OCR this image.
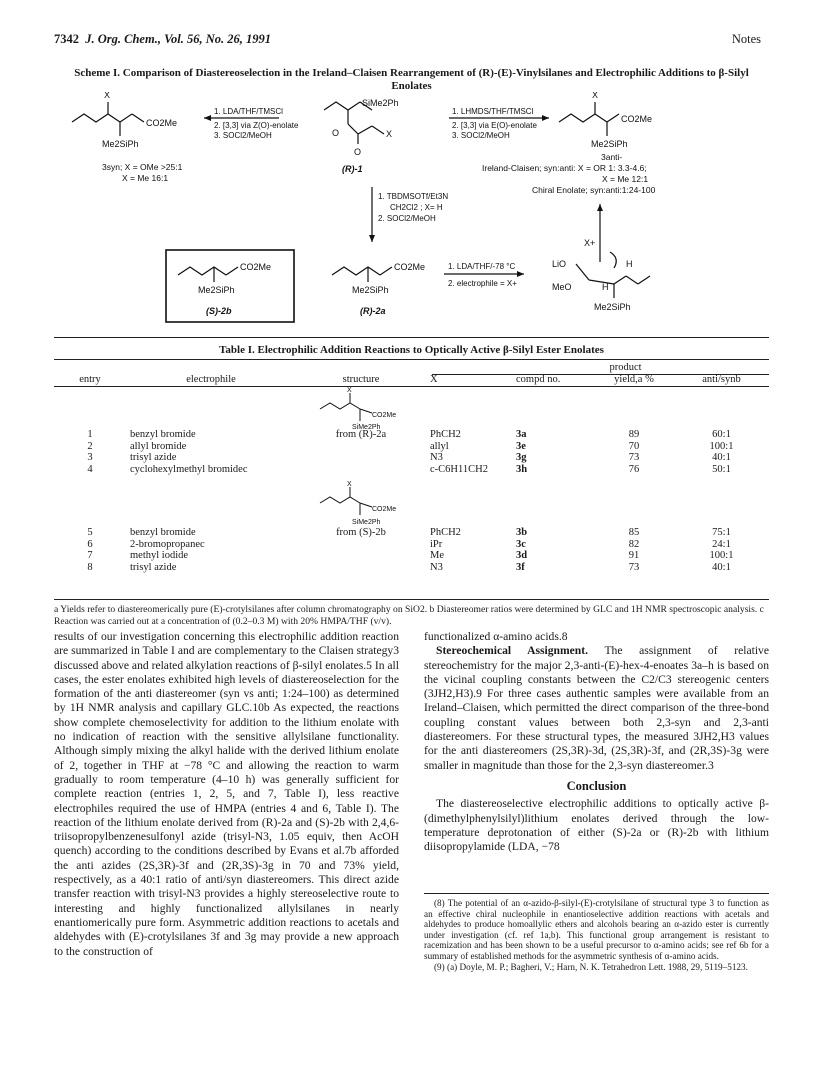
7342 J. Org. Chem., Vol. 56, No. 26, 1991	Notes
Scheme I. Comparison of Diastereoselection in the Ireland–Claisen Rearrangement of (R)-(E)-Vinylsilanes and Electrophilic Additions to β-Silyl Enolates
X
CO2Me
Me2SiPh
3syn; X = OMe >25:1
X = Me 16:1
1. LDA/THF/TMSCl
2. [3,3] via Z(O)-enolate
3. SOCl2/MeOH
SiMe2Ph
O
O
X
(R)-1
1. LHMDS/THF/TMSCl
2. [3,3] via E(O)-enolate
3. SOCl2/MeOH
X
CO2Me
Me2SiPh
3anti-
Ireland-Claisen; syn:anti: X = OR 1: 3.3-4.6;
X = Me 12:1
Chiral Enolate; syn:anti:1:24-100
1. TBDMSOTf/Et3N
CH2Cl2 ; X= H
2. SOCl2/MeOH
CO2Me
Me2SiPh
(S)-2b
CO2Me
Me2SiPh
(R)-2a
1. LDA/THF/-78 °C
2. electrophile = X+
X+
LiO
MeO
H
H
Me2SiPh
Table I. Electrophilic Addition Reactions to Optically Active β-Silyl Ester Enolates
			product			
entry	electrophile	structure	X	compd no.	yield,a %	anti/synb

X
CO2Me
SiMe2Ph						

1	benzyl bromide	from (R)-2a	PhCH2	3a	89	60:1
2	allyl bromide		allyl	3e	70	100:1
3	trisyl azide		N3	3g	73	40:1
4	cyclohexylmethyl bromidec		c-C6H11CH2	3h	76	50:1

X
CO2Me
SiMe2Ph						

5	benzyl bromide	from (S)-2b	PhCH2	3b	85	75:1
6	2-bromopropanec		iPr	3c	82	24:1
7	methyl iodide		Me	3d	91	100:1
8	trisyl azide		N3	3f	73	40:1
a Yields refer to diastereomerically pure (E)-crotylsilanes after column chromatography on SiO2. b Diastereomer ratios were determined by GLC and 1H NMR spectroscopic analysis. c Reaction was carried out at a concentration of (0.2–0.3 M) with 20% HMPA/THF (v/v).

results of our investigation concerning this electrophilic addition reaction are summarized in Table I and are complementary to the Claisen strategy3 discussed above and related alkylation reactions of β-silyl enolates.5 In all cases, the ester enolates exhibited high levels of diastereoselection for the formation of the anti diastereomer (syn vs anti; 1:24–100) as determined by 1H NMR analysis and capillary GLC.10b As expected, the reactions show complete chemoselectivity for addition to the lithium enolate with no indication of reaction with the sensitive allylsilane functionality. Although simply mixing the alkyl halide with the derived lithium enolate of 2, together in THF at −78 °C and allowing the reaction to warm gradually to room temperature (4–10 h) was generally sufficient for complete reaction (entries 1, 2, 5, and 7, Table I), less reactive electrophiles required the use of HMPA (entries 4 and 6, Table I). The reaction of the lithium enolate derived from (R)-2a and (S)-2b with 2,4,6-triisopropylbenzenesulfonyl azide (trisyl-N3, 1.05 equiv, then AcOH quench) according to the conditions described by Evans et al.7b afforded the anti azides (2S,3R)-3f and (2R,3S)-3g in 70 and 73% yield, respectively, as a 40:1 ratio of anti/syn diastereomers. This direct azide transfer reaction with trisyl-N3 provides a highly stereoselective route to interesting and highly functionalized allylsilanes in nearly enantiomerically pure form. Asymmetric addition reactions to acetals and aldehydes with (E)-crotylsilanes 3f and 3g may provide a new approach to the construction of

functionalized α-amino acids.8

Stereochemical Assignment. The assignment of relative stereochemistry for the major 2,3-anti-(E)-hex-4-enoates 3a–h is based on the vicinal coupling constants between the C2/C3 stereogenic centers (3JH2,H3).9 For three cases authentic samples were available from an Ireland–Claisen, which permitted the direct comparison of the three-bond coupling constant values between both 2,3-syn and 2,3-anti diastereomers. For these structural types, the measured 3JH2,H3 values for the anti diastereomers (2S,3R)-3d, (2S,3R)-3f, and (2R,3S)-3g were smaller in magnitude than those for the 2,3-syn diastereomer.3

Conclusion

The diastereoselective electrophilic additions to optically active β-(dimethylphenylsilyl)lithium enolates derived through the low-temperature deprotonation of either (S)-2a or (R)-2b with lithium diisopropylamide (LDA, −78

(8) The potential of an α-azido-β-silyl-(E)-crotylsilane of structural type 3 to function as an effective chiral nucleophile in enantioselective addition reactions with acetals and aldehydes to produce homoallylic ethers and alcohols bearing an α-azido ester is currently under investigation (cf. ref 1a,b). This functional group arrangement is resistant to racemization and has been shown to be a useful precursor to α-amino acids; see ref 6b for a summary of established methods for the asymmetric synthesis of α-amino acids.

(9) (a) Doyle, M. P.; Bagheri, V.; Harn, N. K. Tetrahedron Lett. 1988, 29, 5119–5123.
